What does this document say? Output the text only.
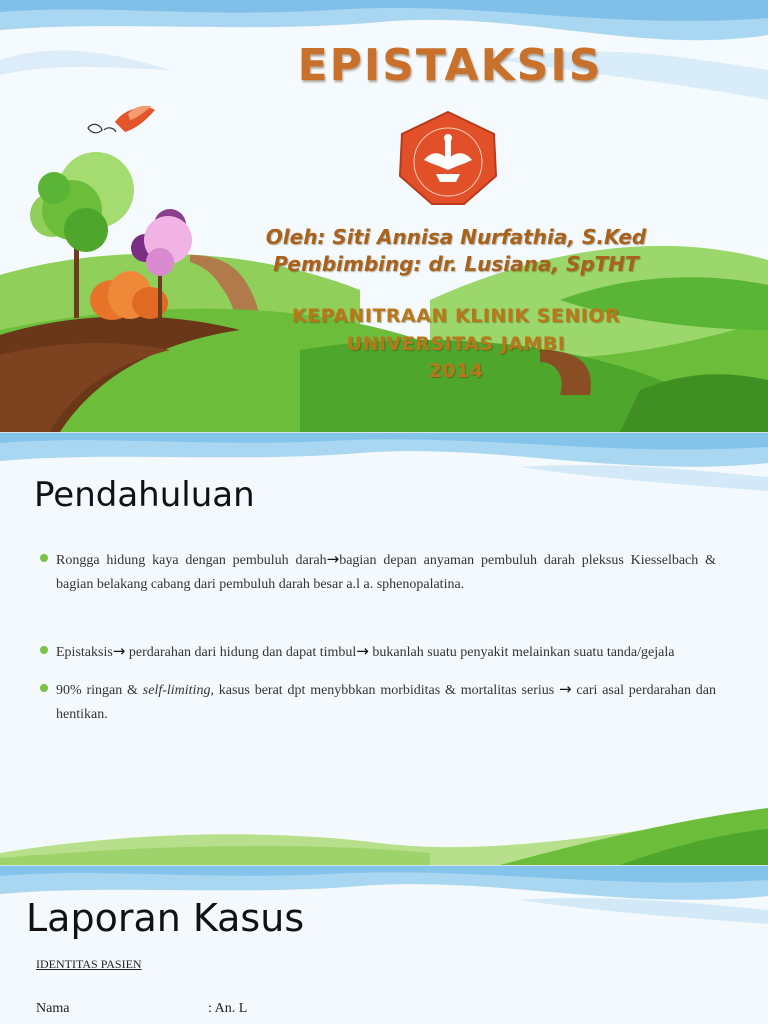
EPISTAKSIS
Oleh: Siti Annisa Nurfathia, S.Ked
Pembimbing: dr. Lusiana, SpTHT
KEPANITRAAN KLINIK SENIOR
UNIVERSITAS JAMBI
2014
Pendahuluan
Rongga hidung kaya dengan pembuluh darah→bagian depan anyaman pembuluh darah pleksus Kiesselbach & bagian belakang cabang dari pembuluh darah besar a.l a. sphenopalatina.
Epistaksis→ perdarahan dari hidung dan dapat timbul→ bukanlah suatu penyakit melainkan suatu tanda/gejala
90% ringan & self-limiting, kasus berat dpt menybbkan morbiditas & mortalitas serius → cari asal perdarahan dan hentikan.
Laporan Kasus
IDENTITAS PASIEN
Nama	: An. L
